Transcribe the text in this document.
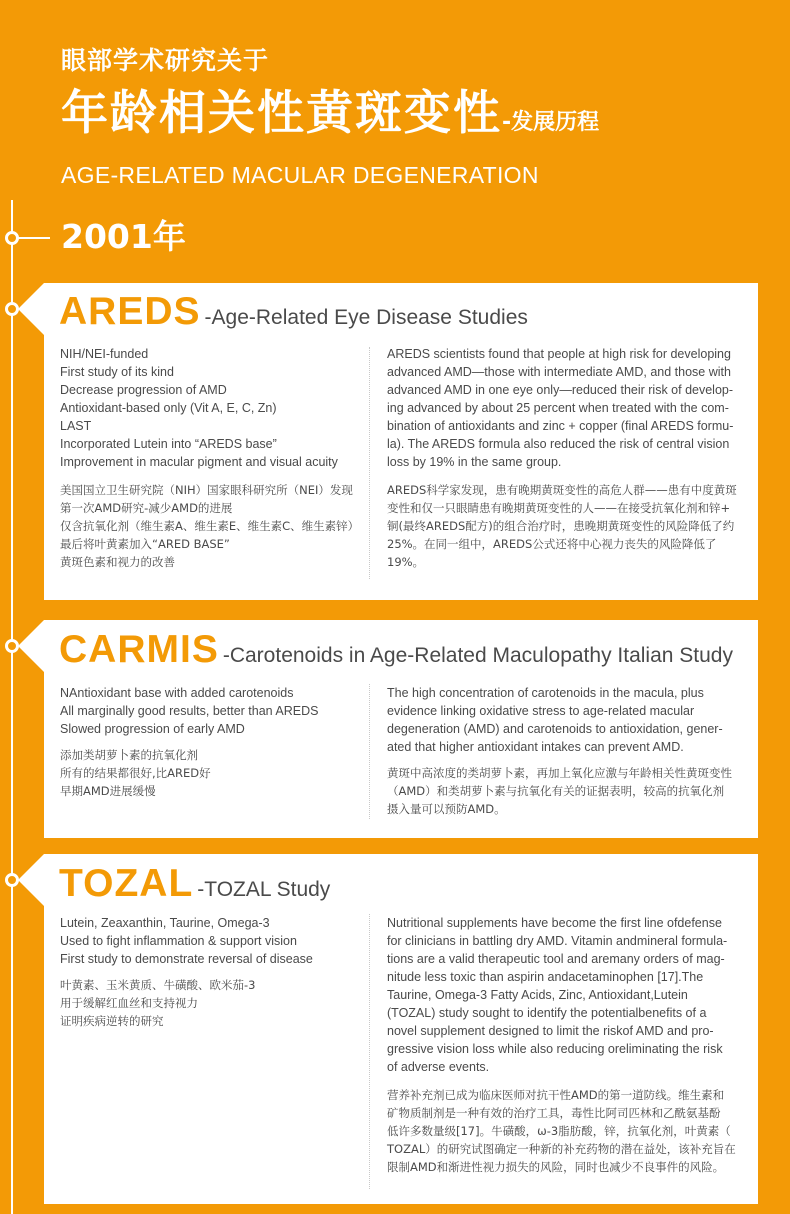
眼部学术研究关于
年龄相关性黄斑变性-发展历程
AGE-RELATED MACULAR DEGENERATION
2001年
AREDS -Age-Related Eye Disease Studies
NIH/NEI-funded
First study of its kind
Decrease progression of AMD
Antioxidant-based only (Vit A, E, C, Zn)
LAST
Incorporated Lutein into “AREDS base”
Improvement in macular pigment and visual acuity
美国国立卫生研究院（NIH）国家眼科研究所（NEI）发现
第一次AMD研究-减少AMD的进展
仅含抗氧化剂（维生素A、维生素E、维生素C、维生素锌）
最后将叶黄素加入“ARED BASE”
黄斑色素和视力的改善
AREDS scientists found that people at high risk for developing
advanced AMD—those with intermediate AMD, and those with
advanced AMD in one eye only—reduced their risk of develop-
ing advanced by about 25 percent when treated with the com-
bination of antioxidants and zinc + copper (final AREDS formu-
la). The AREDS formula also reduced the risk of central vision
loss by 19% in the same group.
AREDS科学家发现，患有晚期黄斑变性的高危人群——患有中度黄斑
变性和仅一只眼睛患有晚期黄斑变性的人——在接受抗氧化剂和锌+
铜(最终AREDS配方)的组合治疗时，患晚期黄斑变性的风险降低了约
25%。在同一组中，AREDS公式还将中心视力丧失的风险降低了
19%。
CARMIS -Carotenoids in Age-Related Maculopathy Italian Study
NAntioxidant base with added carotenoids
All marginally good results, better than AREDS
Slowed progression of early AMD
添加类胡萝卜素的抗氧化剂
所有的结果都很好,比ARED好
早期AMD进展缓慢
The high concentration of carotenoids in the macula, plus
evidence linking oxidative stress to age-related macular
degeneration (AMD) and carotenoids to antioxidation, gener-
ated that higher antioxidant intakes can prevent AMD.
黄斑中高浓度的类胡萝卜素，再加上氧化应激与年龄相关性黄斑变性
（AMD）和类胡萝卜素与抗氧化有关的证据表明，较高的抗氧化剂
摄入量可以预防AMD。
TOZAL -TOZAL Study
Lutein, Zeaxanthin, Taurine, Omega-3
Used to fight inflammation & support vision
First study to demonstrate reversal of disease
叶黄素、玉米黄质、牛磺酸、欧米茄-3
用于缓解红血丝和支持视力
证明疾病逆转的研究
Nutritional supplements have become the first line ofdefense
for clinicians in battling dry AMD. Vitamin andmineral formula-
tions are a valid therapeutic tool and aremany orders of mag-
nitude less toxic than aspirin andacetaminophen [17].The
Taurine, Omega-3 Fatty Acids, Zinc, Antioxidant,Lutein
(TOZAL) study sought to identify the potentialbenefits of a
novel supplement designed to limit the riskof AMD and pro-
gressive vision loss while also reducing oreliminating the risk
of adverse events.
营养补充剂已成为临床医师对抗干性AMD的第一道防线。维生素和
矿物质制剂是一种有效的治疗工具，毒性比阿司匹林和乙酰氨基酚
低许多数量级[17]。牛磺酸，ω-3脂肪酸，锌，抗氧化剂，叶黄素（
TOZAL）的研究试图确定一种新的补充药物的潜在益处，该补充旨在
限制AMD和渐进性视力损失的风险，同时也减少不良事件的风险。
